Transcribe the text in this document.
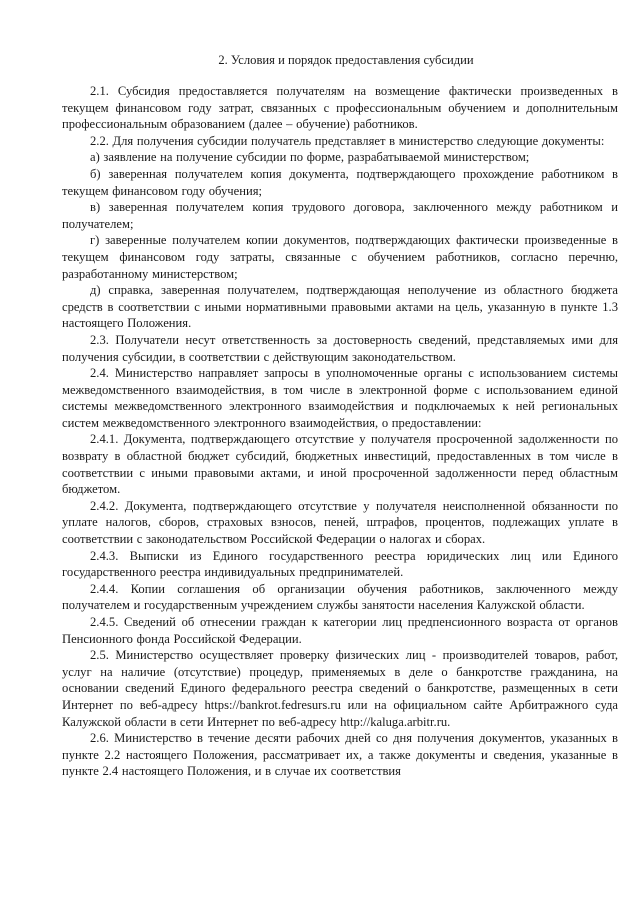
2. Условия и порядок предоставления субсидии

2.1. Субсидия предоставляется получателям на возмещение фактически произведенных в текущем финансовом году затрат, связанных с профессиональным обучением и дополнительным профессиональным образованием (далее – обучение) работников.

2.2. Для получения субсидии получатель представляет в министерство следующие документы:

а) заявление на получение субсидии по форме, разрабатываемой министерством;

б) заверенная получателем копия документа, подтверждающего прохождение работником в текущем финансовом году обучения;

в) заверенная получателем копия трудового договора, заключенного между работником и получателем;

г) заверенные получателем копии документов, подтверждающих фактически произведенные в текущем финансовом году затраты, связанные с обучением работников, согласно перечню, разработанному министерством;

д) справка, заверенная получателем, подтверждающая неполучение из областного бюджета средств в соответствии с иными нормативными правовыми актами на цель, указанную в пункте 1.3 настоящего Положения.

2.3. Получатели несут ответственность за достоверность сведений, представляемых ими для получения субсидии, в соответствии с действующим законодательством.

2.4. Министерство направляет запросы в уполномоченные органы с использованием системы межведомственного взаимодействия, в том числе в электронной форме с использованием единой системы межведомственного электронного взаимодействия и подключаемых к ней региональных систем межведомственного электронного взаимодействия, о предоставлении:

2.4.1. Документа, подтверждающего отсутствие у получателя просроченной задолженности по возврату в областной бюджет субсидий, бюджетных инвестиций, предоставленных в том числе в соответствии с иными правовыми актами, и иной просроченной задолженности перед областным бюджетом.

2.4.2. Документа, подтверждающего отсутствие у получателя неисполненной обязанности по уплате налогов, сборов, страховых взносов, пеней, штрафов, процентов, подлежащих уплате в соответствии с законодательством Российской Федерации о налогах и сборах.

2.4.3. Выписки из Единого государственного реестра юридических лиц или Единого государственного реестра индивидуальных предпринимателей.

2.4.4. Копии соглашения об организации обучения работников, заключенного между получателем и государственным учреждением службы занятости населения Калужской области.

2.4.5. Сведений об отнесении граждан к категории лиц предпенсионного возраста от органов Пенсионного фонда Российской Федерации.

2.5. Министерство осуществляет проверку физических лиц - производителей товаров, работ, услуг на наличие (отсутствие) процедур, применяемых в деле о банкротстве гражданина, на основании сведений Единого федерального реестра сведений о банкротстве, размещенных в сети Интернет по веб-адресу https://bankrot.fedresurs.ru или на официальном сайте Арбитражного суда Калужской области в сети Интернет по веб-адресу http://kaluga.arbitr.ru.

2.6. Министерство в течение десяти рабочих дней со дня получения документов, указанных в пункте 2.2 настоящего Положения, рассматривает их, а также документы и сведения, указанные в пункте 2.4 настоящего Положения, и в случае их соответствия
